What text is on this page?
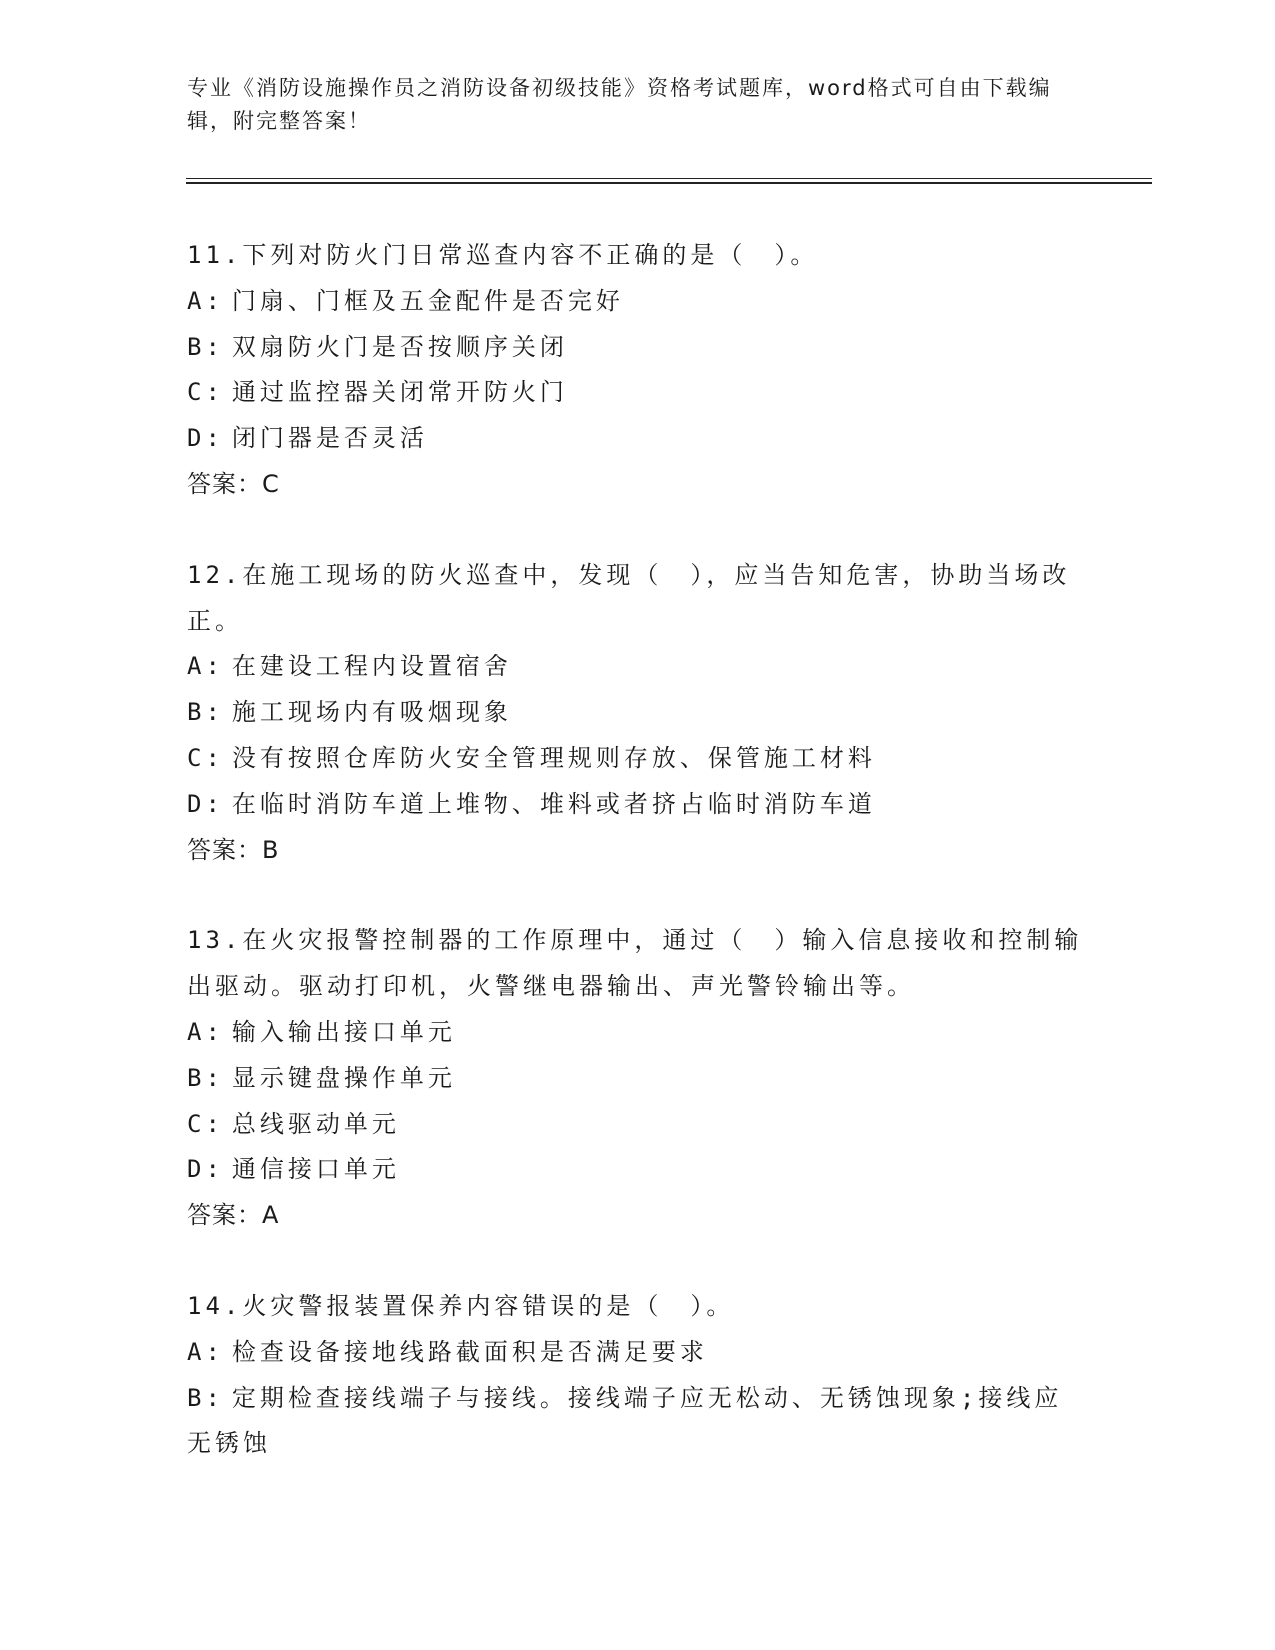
专业《消防设施操作员之消防设备初级技能》资格考试题库，word格式可自由下载编辑，附完整答案！

11.下列对防火门日常巡查内容不正确的是（　）。

A: 门扇、门框及五金配件是否完好

B: 双扇防火门是否按顺序关闭

C: 通过监控器关闭常开防火门

D: 闭门器是否灵活

答案：C

12.在施工现场的防火巡查中，发现（　），应当告知危害，协助当场改正。

A: 在建设工程内设置宿舍

B: 施工现场内有吸烟现象

C: 没有按照仓库防火安全管理规则存放、保管施工材料

D: 在临时消防车道上堆物、堆料或者挤占临时消防车道

答案：B

13.在火灾报警控制器的工作原理中，通过（　）输入信息接收和控制输出驱动。驱动打印机，火警继电器输出、声光警铃输出等。

A: 输入输出接口单元

B: 显示键盘操作单元

C: 总线驱动单元

D: 通信接口单元

答案：A

14.火灾警报装置保养内容错误的是（　）。

A: 检查设备接地线路截面积是否满足要求

B: 定期检查接线端子与接线。接线端子应无松动、无锈蚀现象;接线应无锈蚀
